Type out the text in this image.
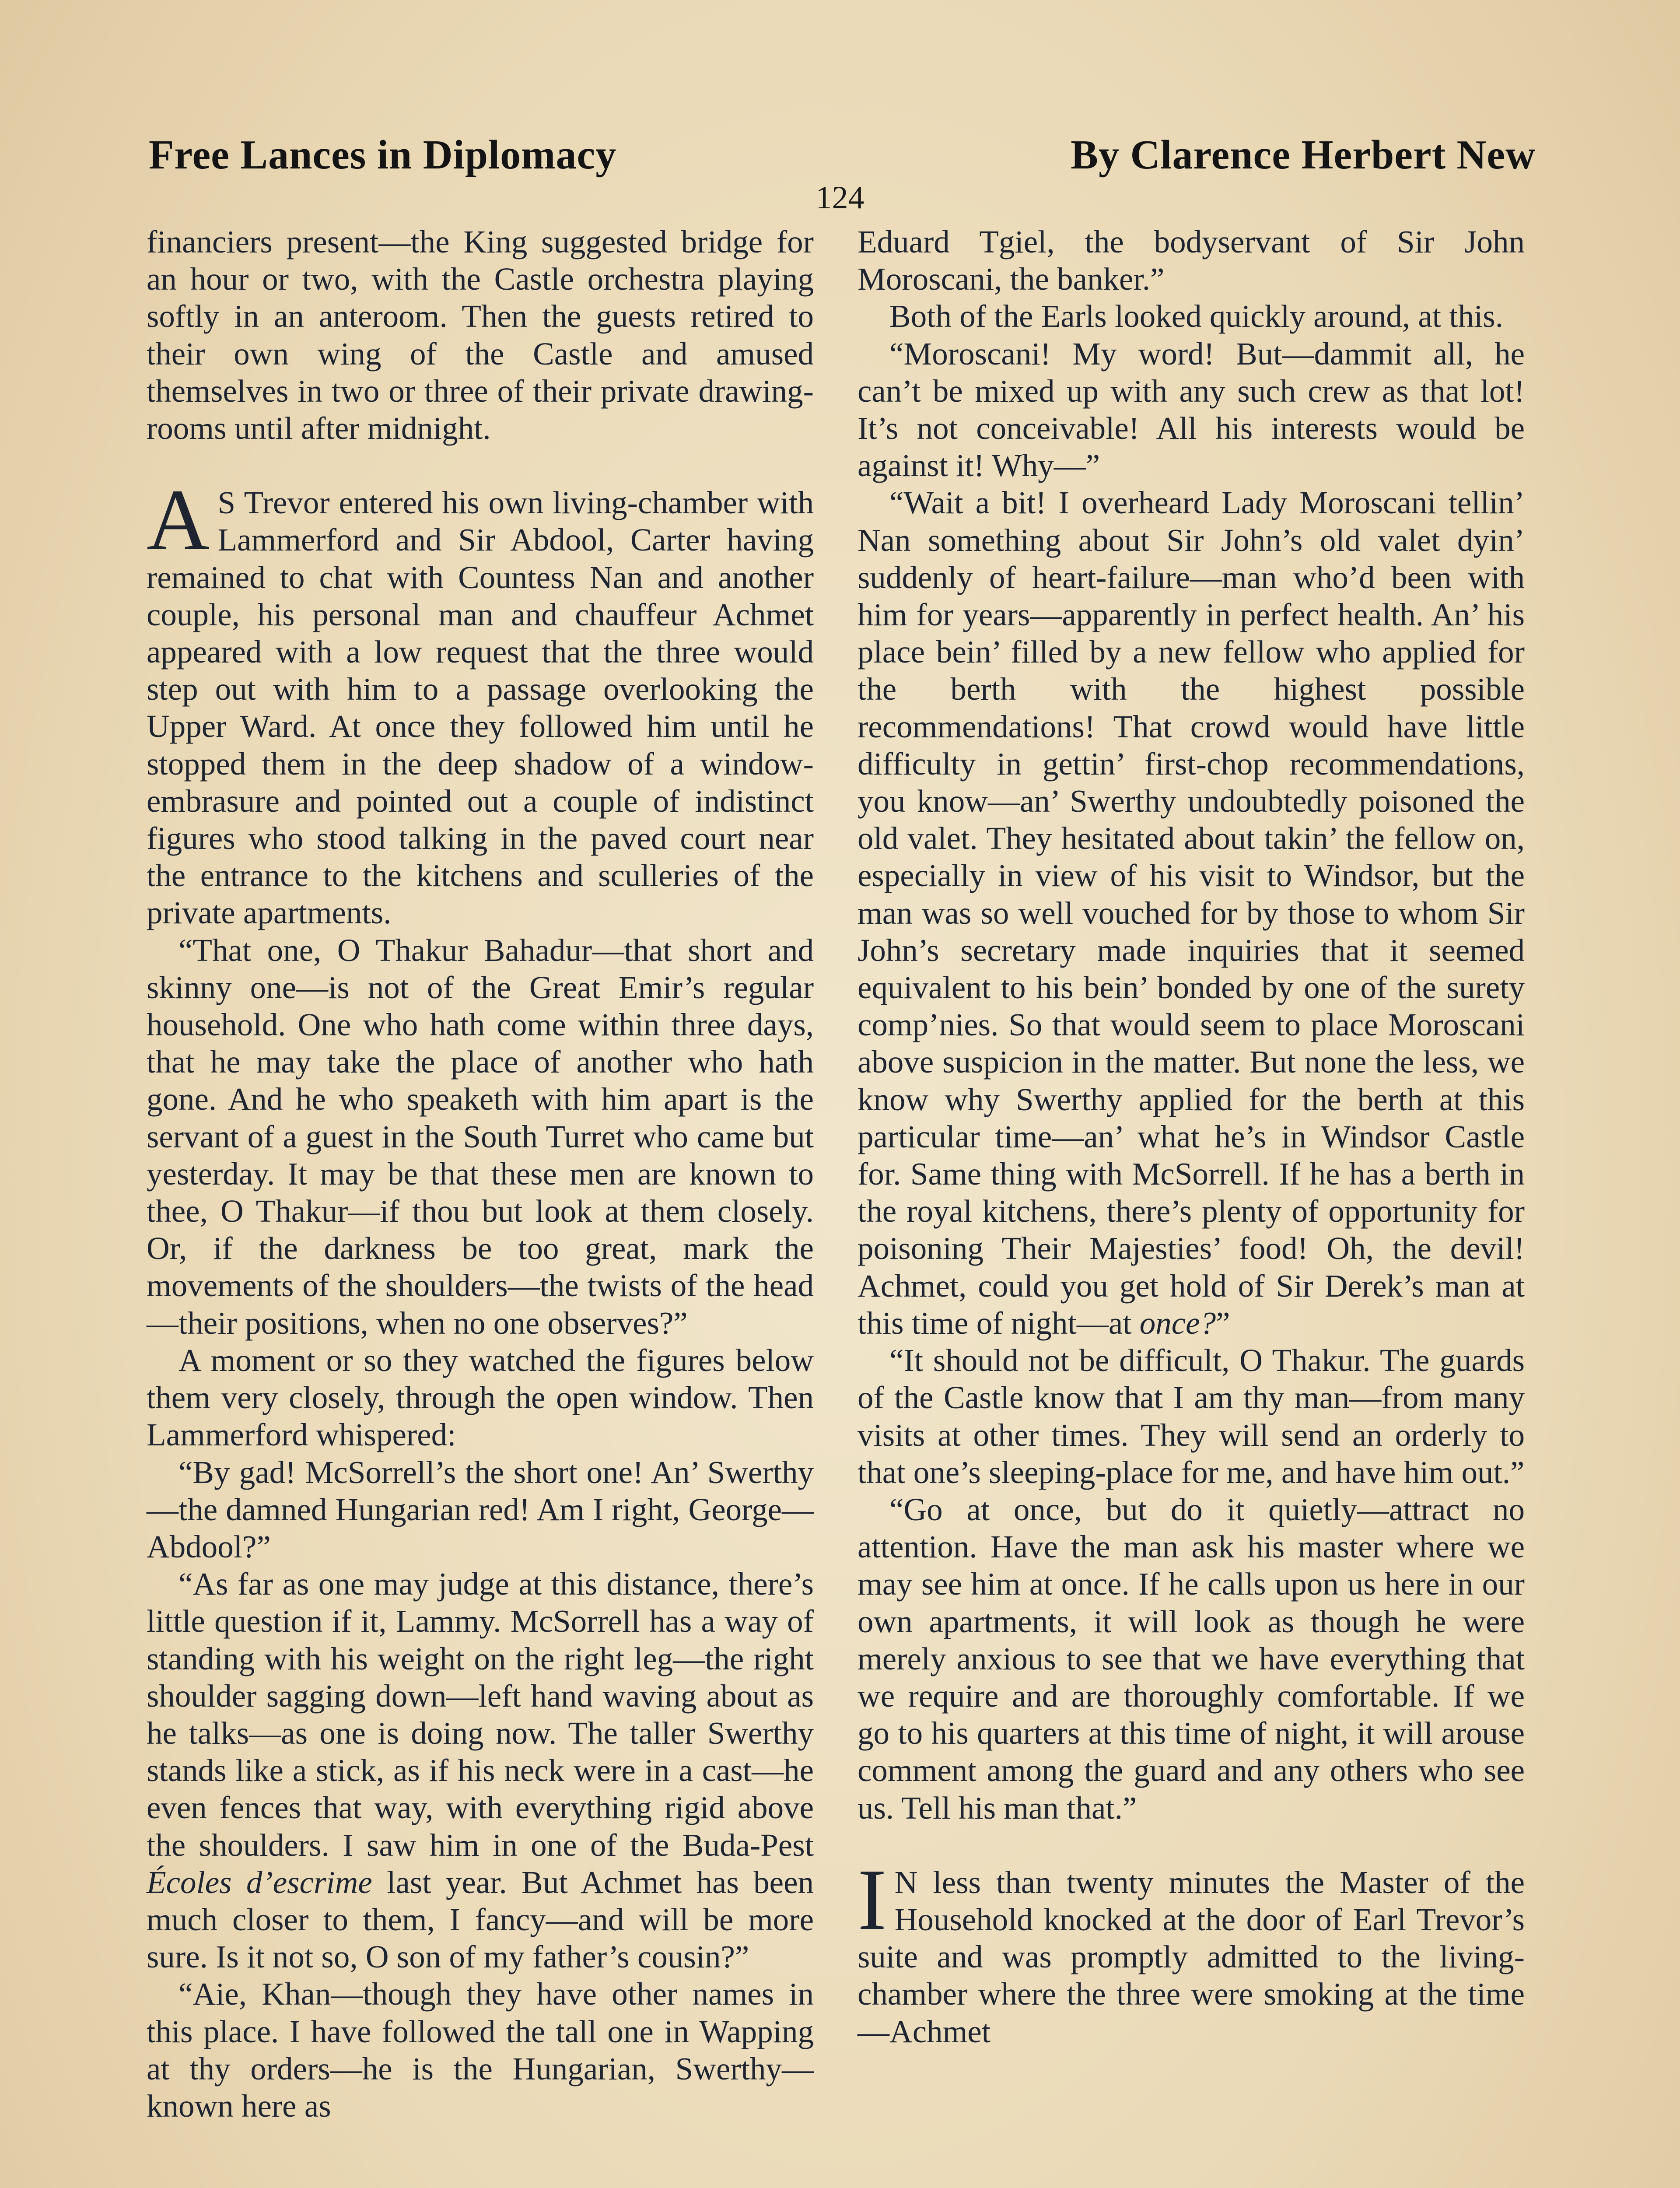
Free Lances in Diplomacy	By Clarence Herbert New
124

financiers present—the King suggested bridge for an hour or two, with the Castle orchestra playing softly in an anteroom. Then the guests retired to their own wing of the Castle and amused themselves in two or three of their private drawing-rooms until after midnight.

A S Trevor entered his own living-chamber with Lammerford and Sir Abdool, Carter having remained to chat with Countess Nan and another couple, his personal man and chauffeur Achmet appeared with a low request that the three would step out with him to a passage overlooking the Upper Ward. At once they followed him until he stopped them in the deep shadow of a window-embrasure and pointed out a couple of indistinct figures who stood talking in the paved court near the entrance to the kitchens and sculleries of the private apartments.

“That one, O Thakur Bahadur—that short and skinny one—is not of the Great Emir’s regular household. One who hath come within three days, that he may take the place of another who hath gone. And he who speaketh with him apart is the servant of a guest in the South Turret who came but yesterday. It may be that these men are known to thee, O Thakur—if thou but look at them closely. Or, if the darkness be too great, mark the movements of the shoulders—the twists of the head—their positions, when no one observes?”

A moment or so they watched the figures below them very closely, through the open window. Then Lammerford whispered:

“By gad! McSorrell’s the short one! An’ Swerthy—the damned Hungarian red! Am I right, George—Abdool?”

“As far as one may judge at this distance, there’s little question if it, Lammy. McSorrell has a way of standing with his weight on the right leg—the right shoulder sagging down—left hand waving about as he talks—as one is doing now. The taller Swerthy stands like a stick, as if his neck were in a cast—he even fences that way, with everything rigid above the shoulders. I saw him in one of the Buda-Pest Écoles d’escrime last year. But Achmet has been much closer to them, I fancy—and will be more sure. Is it not so, O son of my father’s cousin?”

“Aie, Khan—though they have other names in this place. I have followed the tall one in Wapping at thy orders—he is the Hungarian, Swerthy—known here as

Eduard Tgiel, the bodyservant of Sir John Moroscani, the banker.”

Both of the Earls looked quickly around, at this.

“Moroscani! My word! But—dammit all, he can’t be mixed up with any such crew as that lot! It’s not conceivable! All his interests would be against it! Why—”

“Wait a bit! I overheard Lady Moroscani tellin’ Nan something about Sir John’s old valet dyin’ suddenly of heart-failure—man who’d been with him for years—apparently in perfect health. An’ his place bein’ filled by a new fellow who applied for the berth with the highest possible recommendations! That crowd would have little difficulty in gettin’ first-chop recommendations, you know—an’ Swerthy undoubtedly poisoned the old valet. They hesitated about takin’ the fellow on, especially in view of his visit to Windsor, but the man was so well vouched for by those to whom Sir John’s secretary made inquiries that it seemed equivalent to his bein’ bonded by one of the surety comp’nies. So that would seem to place Moroscani above suspicion in the matter. But none the less, we know why Swerthy applied for the berth at this particular time—an’ what he’s in Windsor Castle for. Same thing with McSorrell. If he has a berth in the royal kitchens, there’s plenty of opportunity for poisoning Their Majesties’ food! Oh, the devil! Achmet, could you get hold of Sir Derek’s man at this time of night—at once?”

“It should not be difficult, O Thakur. The guards of the Castle know that I am thy man—from many visits at other times. They will send an orderly to that one’s sleeping-place for me, and have him out.”

“Go at once, but do it quietly—attract no attention. Have the man ask his master where we may see him at once. If he calls upon us here in our own apartments, it will look as though he were merely anxious to see that we have everything that we require and are thoroughly comfortable. If we go to his quarters at this time of night, it will arouse comment among the guard and any others who see us. Tell his man that.”

I N less than twenty minutes the Master of the Household knocked at the door of Earl Trevor’s suite and was promptly admitted to the living-chamber where the three were smoking at the time—Achmet
